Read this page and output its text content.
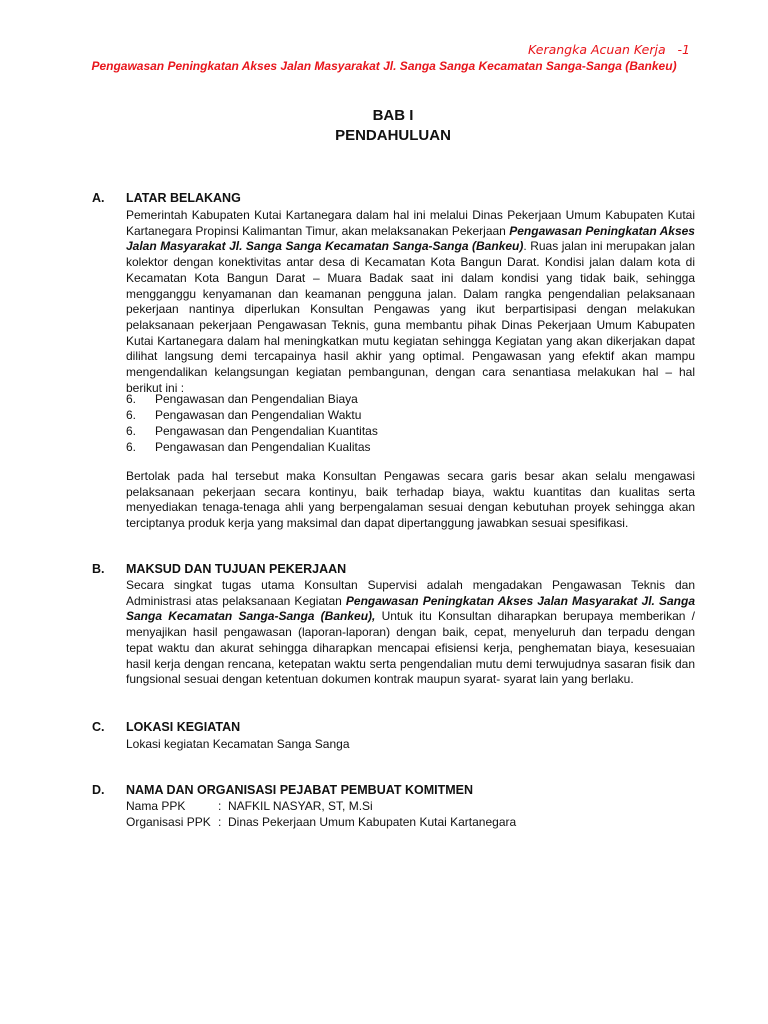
Kerangka Acuan Kerja -1
Pengawasan Peningkatan Akses Jalan Masyarakat Jl. Sanga Sanga Kecamatan Sanga-Sanga (Bankeu)
BAB I
PENDAHULUAN
A. LATAR BELAKANG

Pemerintah Kabupaten Kutai Kartanegara dalam hal ini melalui Dinas Pekerjaan Umum Kabupaten Kutai Kartanegara Propinsi Kalimantan Timur, akan melaksanakan Pekerjaan Pengawasan Peningkatan Akses Jalan Masyarakat Jl. Sanga Sanga Kecamatan Sanga-Sanga (Bankeu). Ruas jalan ini merupakan jalan kolektor dengan konektivitas antar desa di Kecamatan Kota Bangun Darat. Kondisi jalan dalam kota di Kecamatan Kota Bangun Darat – Muara Badak saat ini dalam kondisi yang tidak baik, sehingga mengganggu kenyamanan dan keamanan pengguna jalan. Dalam rangka pengendalian pelaksanaan pekerjaan nantinya diperlukan Konsultan Pengawas yang ikut berpartisipasi dengan melakukan pelaksanaan pekerjaan Pengawasan Teknis, guna membantu pihak Dinas Pekerjaan Umum Kabupaten Kutai Kartanegara dalam hal meningkatkan mutu kegiatan sehingga Kegiatan yang akan dikerjakan dapat dilihat langsung demi tercapainya hasil akhir yang optimal. Pengawasan yang efektif akan mampu mengendalikan kelangsungan kegiatan pembangunan, dengan cara senantiasa melakukan hal – hal berikut ini :

6. Pengawasan dan Pengendalian Biaya
6. Pengawasan dan Pengendalian Waktu
6. Pengawasan dan Pengendalian Kuantitas
6. Pengawasan dan Pengendalian Kualitas

Bertolak pada hal tersebut maka Konsultan Pengawas secara garis besar akan selalu mengawasi pelaksanaan pekerjaan secara kontinyu, baik terhadap biaya, waktu kuantitas dan kualitas serta menyediakan tenaga-tenaga ahli yang berpengalaman sesuai dengan kebutuhan proyek sehingga akan terciptanya produk kerja yang maksimal dan dapat dipertanggung jawabkan sesuai spesifikasi.

B. MAKSUD DAN TUJUAN PEKERJAAN

Secara singkat tugas utama Konsultan Supervisi adalah mengadakan Pengawasan Teknis dan Administrasi atas pelaksanaan Kegiatan Pengawasan Peningkatan Akses Jalan Masyarakat Jl. Sanga Sanga Kecamatan Sanga-Sanga (Bankeu), Untuk itu Konsultan diharapkan berupaya memberikan / menyajikan hasil pengawasan (laporan-laporan) dengan baik, cepat, menyeluruh dan terpadu dengan tepat waktu dan akurat sehingga diharapkan mencapai efisiensi kerja, penghematan biaya, kesesuaian hasil kerja dengan rencana, ketepatan waktu serta pengendalian mutu demi terwujudnya sasaran fisik dan fungsional sesuai dengan ketentuan dokumen kontrak maupun syarat- syarat lain yang berlaku.

C. LOKASI KEGIATAN

Lokasi kegiatan Kecamatan Sanga Sanga

D. NAMA DAN ORGANISASI PEJABAT PEMBUAT KOMITMEN
Nama PPK	: NAFKIL NASYAR, ST, M.Si
Organisasi PPK : Dinas Pekerjaan Umum Kabupaten Kutai Kartanegara
